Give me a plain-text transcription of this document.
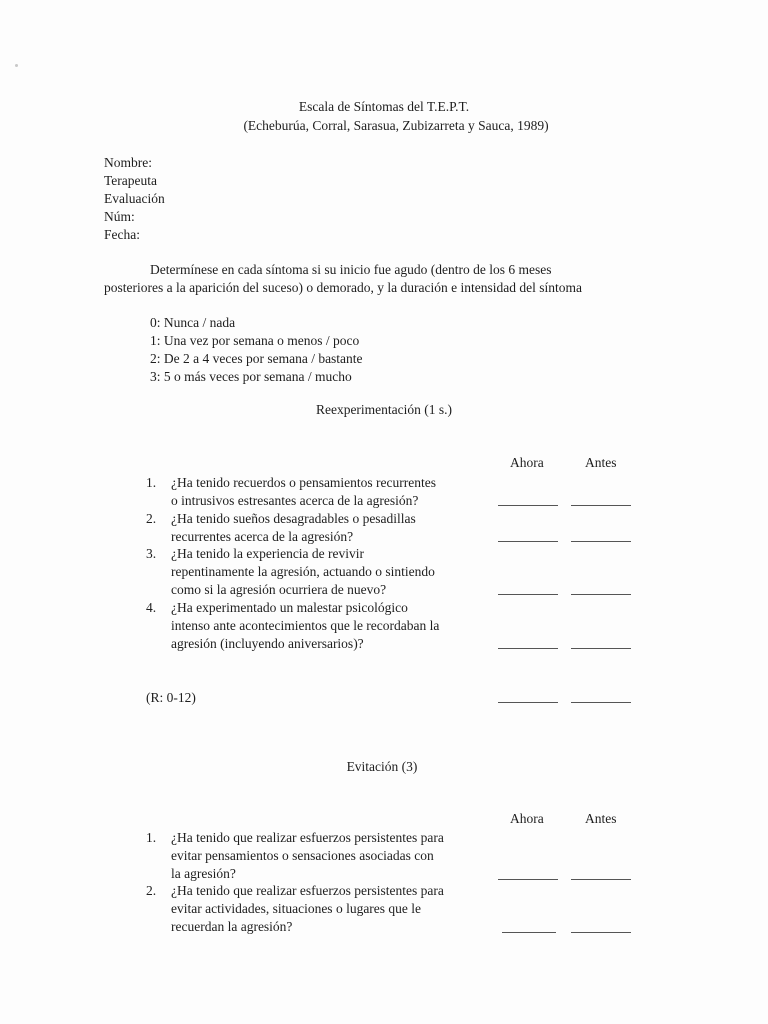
Escala de Síntomas del T.E.P.T.
(Echeburúa, Corral, Sarasua, Zubizarreta y Sauca, 1989)
Nombre:
Terapeuta
Evaluación
Núm:
Fecha:
Determínese en cada síntoma si su inicio fue agudo (dentro de los 6 meses
posteriores a la aparición del suceso) o demorado, y la duración e intensidad del síntoma
0: Nunca / nada
1: Una vez por semana o menos / poco
2: De 2 a 4 veces por semana / bastante
3: 5 o más veces por semana / mucho
Reexperimentación (1 s.)
Ahora	Antes
1. ¿Ha tenido recuerdos o pensamientos recurrentes
o intrusivos estresantes acerca de la agresión?
2. ¿Ha tenido sueños desagradables o pesadillas
recurrentes acerca de la agresión?
3. ¿Ha tenido la experiencia de revivir
repentinamente la agresión, actuando o sintiendo
como si la agresión ocurriera de nuevo?
4. ¿Ha experimentado un malestar psicológico
intenso ante acontecimientos que le recordaban la
agresión (incluyendo aniversarios)?
(R: 0-12)
Evitación (3)
Ahora	Antes
1. ¿Ha tenido que realizar esfuerzos persistentes para
evitar pensamientos o sensaciones asociadas con
la agresión?
2. ¿Ha tenido que realizar esfuerzos persistentes para
evitar actividades, situaciones o lugares que le
recuerdan la agresión?
